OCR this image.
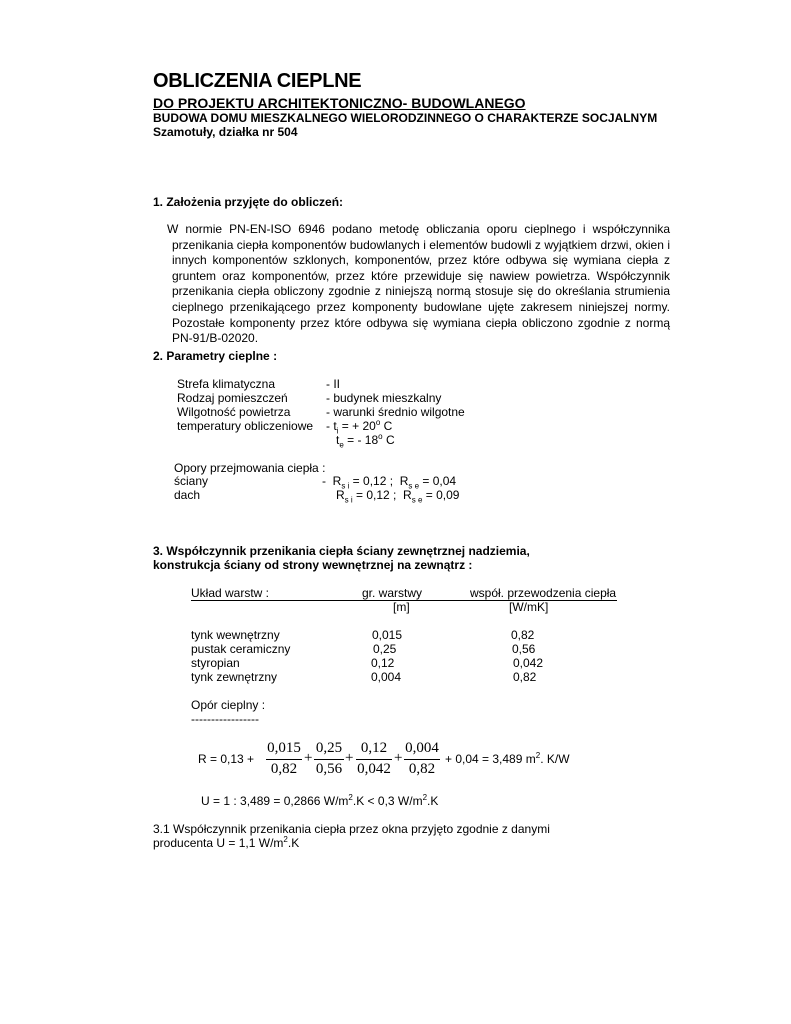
OBLICZENIA CIEPLNE
DO PROJEKTU ARCHITEKTONICZNO- BUDOWLANEGO
BUDOWA DOMU MIESZKALNEGO WIELORODZINNEGO O CHARAKTERZE SOCJALNYM
Szamotuły, działka nr 504
1. Założenia przyjęte do obliczeń:

W normie PN-EN-ISO 6946 podano metodę obliczania oporu cieplnego i współczynnika przenikania ciepła komponentów budowlanych i elementów budowli z wyjątkiem drzwi, okien i innych komponentów szklonych, komponentów, przez które odbywa się wymiana ciepła z gruntem oraz komponentów, przez które przewiduje się nawiew powietrza. Współczynnik przenikania ciepła obliczony zgodnie z niniejszą normą stosuje się do określania strumienia cieplnego przenikającego przez komponenty budowlane ujęte zakresem niniejszej normy. Pozostałe komponenty przez które odbywa się wymiana ciepła obliczono zgodnie z normą PN-91/B-02020.

2. Parametry cieplne :
Strefa klimatyczna	- II
Rodzaj pomieszczeń	- budynek mieszkalny
Wilgotność powietrza	- warunki średnio wilgotne
temperatury obliczeniowe - $t_i$ = + $20^o$ C
$t_e$ = - 18$^o$ C
Opory przejmowania ciepła :
ściany	- $R_{s i} = 0,12$ ; $R_{s e} = 0,04$
dach	$R_{s i} = 0,12$ ; $R_{s e} = 0,09$
3. Współczynnik przenikania ciepła ściany zewnętrznej nadziemia,
konstrukcja ściany od strony wewnętrznej na zewnątrz :
Układ warstw :	gr. warstwy	współ. przewodzenia ciepła
[m]	[W/mK]
tynk wewnętrzny	0,015	0,82
pustak ceramiczny	0,25	0,56
styropian	0,12	0,042
tynk zewnętrzny	0,004	0,82
Opór cieplny :
-----------------
R = 0,13 +
0,015
0,82
+
0,25
0,56
+
0,12
0,042
+
0,004
0,82
+ 0,04 = 3,489 $m^2$. K/W
U = 1 : 3,489 = 0,2866 $W/m^2.K < 0,3$ $W/m^2.K$
3.1 Współczynnik przenikania ciepła przez okna przyjęto zgodnie z danymi
producenta U = 1,1 $W/m^2.K$
